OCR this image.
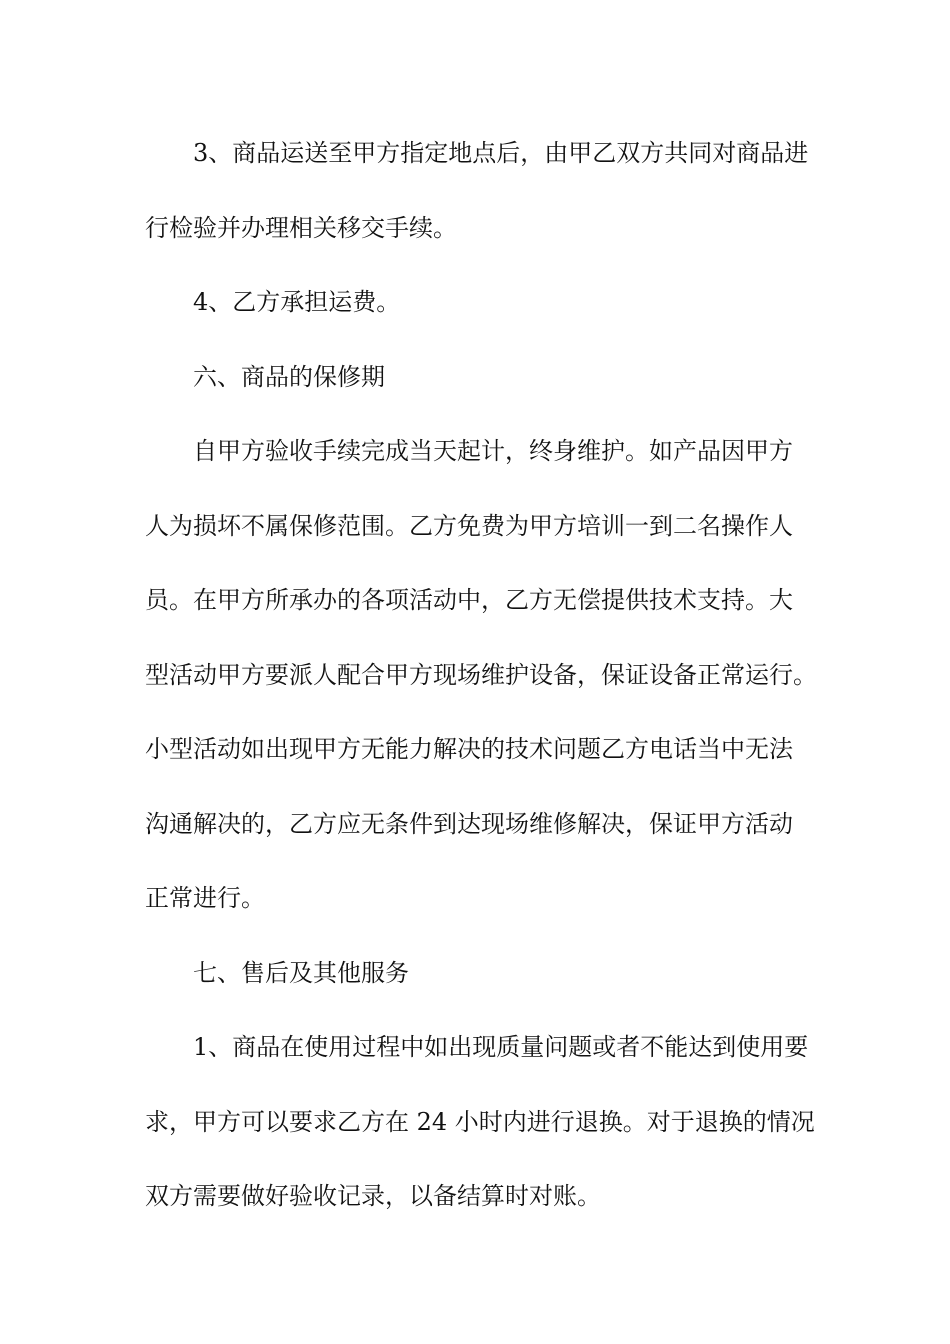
3、商品运送至甲方指定地点后，由甲乙双方共同对商品进
行检验并办理相关移交手续。
4、乙方承担运费。
六、商品的保修期
自甲方验收手续完成当天起计，终身维护。如产品因甲方
人为损坏不属保修范围。乙方免费为甲方培训一到二名操作人
员。在甲方所承办的各项活动中，乙方无偿提供技术支持。大
型活动甲方要派人配合甲方现场维护设备，保证设备正常运行。
小型活动如出现甲方无能力解决的技术问题乙方电话当中无法
沟通解决的，乙方应无条件到达现场维修解决，保证甲方活动
正常进行。
七、售后及其他服务
1、商品在使用过程中如出现质量问题或者不能达到使用要
求，甲方可以要求乙方在 24 小时内进行退换。对于退换的情况
双方需要做好验收记录，以备结算时对账。
